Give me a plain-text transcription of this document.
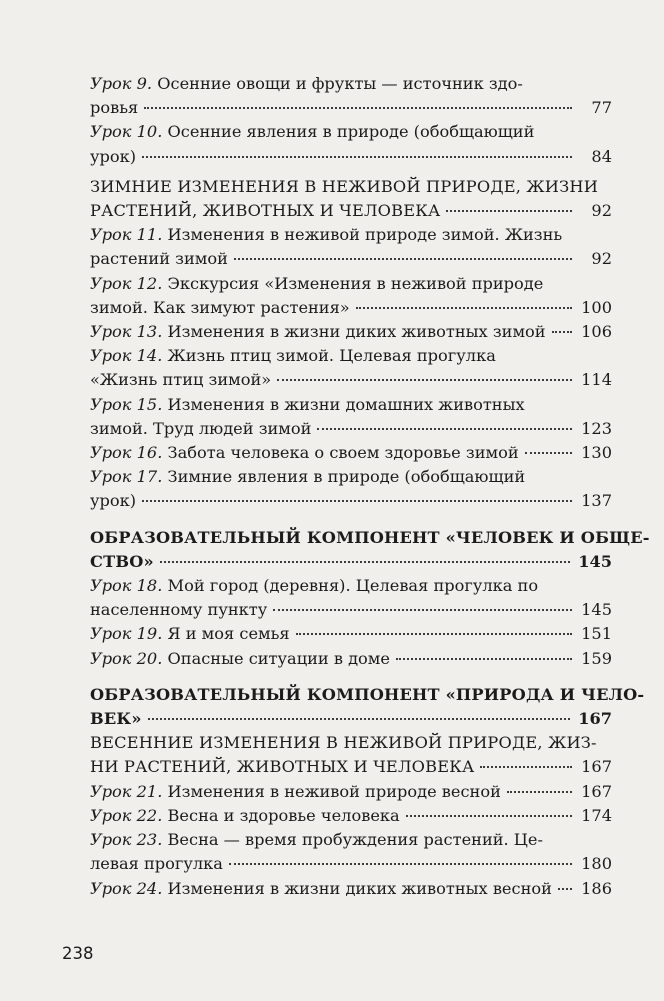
Урок 9. Осенние овощи и фрукты — источник здо-
ровья	77
Урок 10. Осенние явления в природе (обобщающий
урок)	84
ЗИМНИЕ ИЗМЕНЕНИЯ В НЕЖИВОЙ ПРИРОДЕ, ЖИЗНИ
РАСТЕНИЙ, ЖИВОТНЫХ И ЧЕЛОВЕКА	92
Урок 11. Изменения в неживой природе зимой. Жизнь
растений зимой	92
Урок 12. Экскурсия «Изменения в неживой природе
зимой. Как зимуют растения»	100
Урок 13. Изменения в жизни диких животных зимой 106
Урок 14. Жизнь птиц зимой. Целевая прогулка
«Жизнь птиц зимой»	114
Урок 15. Изменения в жизни домашних животных
зимой. Труд людей зимой	123
Урок 16. Забота человека о своем здоровье зимой	130
Урок 17. Зимние явления в природе (обобщающий
урок)	137
ОБРАЗОВАТЕЛЬНЫЙ КОМПОНЕНТ «ЧЕЛОВЕК И ОБЩЕ-
СТВО»	145
Урок 18. Мой город (деревня). Целевая прогулка по
населенному пункту	145
Урок 19. Я и моя семья	151
Урок 20. Опасные ситуации в доме	159
ОБРАЗОВАТЕЛЬНЫЙ КОМПОНЕНТ «ПРИРОДА И ЧЕЛО-
ВЕК»	167
ВЕСЕННИЕ ИЗМЕНЕНИЯ В НЕЖИВОЙ ПРИРОДЕ, ЖИЗ-
НИ РАСТЕНИЙ, ЖИВОТНЫХ И ЧЕЛОВЕКА	167
Урок 21. Изменения в неживой природе весной	167
Урок 22. Весна и здоровье человека	174
Урок 23. Весна — время пробуждения растений. Це-
левая прогулка	180
Урок 24. Изменения в жизни диких животных весной 186
238
